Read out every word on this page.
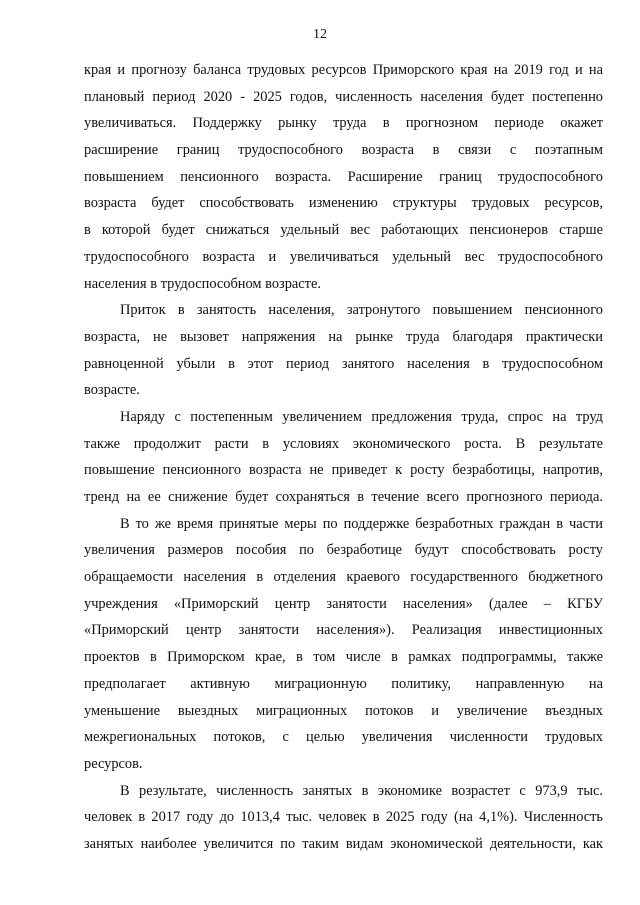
12
края и прогнозу баланса трудовых ресурсов Приморского края на 2019 год и на
плановый период 2020 - 2025 годов, численность населения будет постепенно
увеличиваться. Поддержку рынку труда в прогнозном периоде окажет
расширение границ трудоспособного возраста в связи с поэтапным
повышением пенсионного возраста. Расширение границ трудоспособного
возраста будет способствовать изменению структуры трудовых ресурсов,
в которой будет снижаться удельный вес работающих пенсионеров старше
трудоспособного возраста и увеличиваться удельный вес трудоспособного
населения в трудоспособном возрасте.
Приток в занятость населения, затронутого повышением пенсионного
возраста, не вызовет напряжения на рынке труда благодаря практически
равноценной убыли в этот период занятого населения в трудоспособном
возрасте.
Наряду с постепенным увеличением предложения труда, спрос на труд
также продолжит расти в условиях экономического роста. В результате
повышение пенсионного возраста не приведет к росту безработицы, напротив,
тренд на ее снижение будет сохраняться в течение всего прогнозного периода.
В то же время принятые меры по поддержке безработных граждан в части
увеличения размеров пособия по безработице будут способствовать росту
обращаемости населения в отделения краевого государственного бюджетного
учреждения «Приморский центр занятости населения» (далее – КГБУ
«Приморский центр занятости населения»). Реализация инвестиционных
проектов в Приморском крае, в том числе в рамках подпрограммы, также
предполагает активную миграционную политику, направленную на
уменьшение выездных миграционных потоков и увеличение въездных
межрегиональных потоков, с целью увеличения численности трудовых
ресурсов.
В результате, численность занятых в экономике возрастет с 973,9 тыс.
человек в 2017 году до 1013,4 тыс. человек в 2025 году (на 4,1%). Численность
занятых наиболее увеличится по таким видам экономической деятельности, как
